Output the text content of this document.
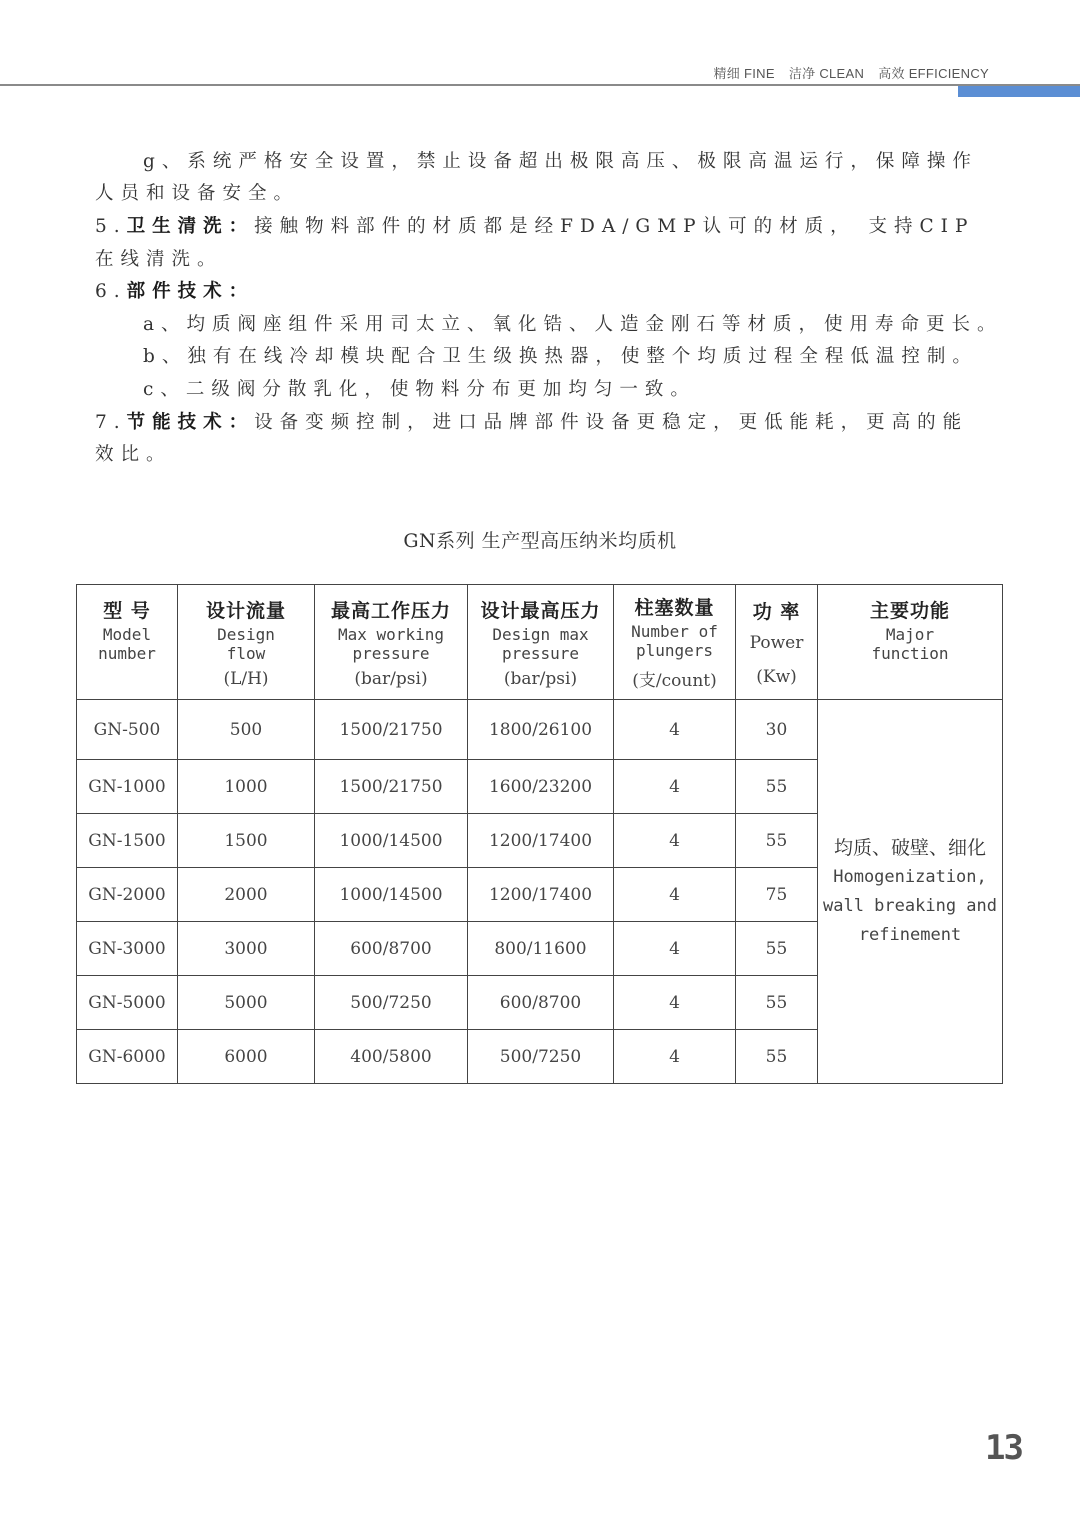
精细 FINE 洁净 CLEAN 高效 EFFICIENCY
g、系统严格安全设置，禁止设备超出极限高压、极限高温运行，保障操作
人员和设备安全。
5.卫生清洗：接触物料部件的材质都是经FDA/GMP认可的材质， 支持CIP
在线清洗。
6.部件技术：
a、均质阀座组件采用司太立、氧化锆、人造金刚石等材质，使用寿命更长。
b、独有在线冷却模块配合卫生级换热器，使整个均质过程全程低温控制。
c、二级阀分散乳化，使物料分布更加均匀一致。
7.节能技术：设备变频控制，进口品牌部件设备更稳定，更低能耗，更高的能
效比。
GN系列 生产型高压纳米均质机
型 号
Model
number	设计流量
Design
flow
(L/H)	最高工作压力
Max working
pressure
(bar/psi)	设计最高压力
Design max
pressure
(bar/psi)	柱塞数量
Number of
plungers
(支/count)	功 率
Power
(Kw)	主要功能
Major
function

GN-500	500	1500/21750	1800/26100	4	30	均质、破壁、细化
Homogenization,
wall breaking and
refinement

GN-1000	1000	1500/21750	1600/23200	4	55	
GN-1500	1500	1000/14500	1200/17400	4	55	
GN-2000	2000	1000/14500	1200/17400	4	75	
GN-3000	3000	600/8700	800/11600	4	55	
GN-5000	5000	500/7250	600/8700	4	55	
GN-6000	6000	400/5800	500/7250	4	55	
13
